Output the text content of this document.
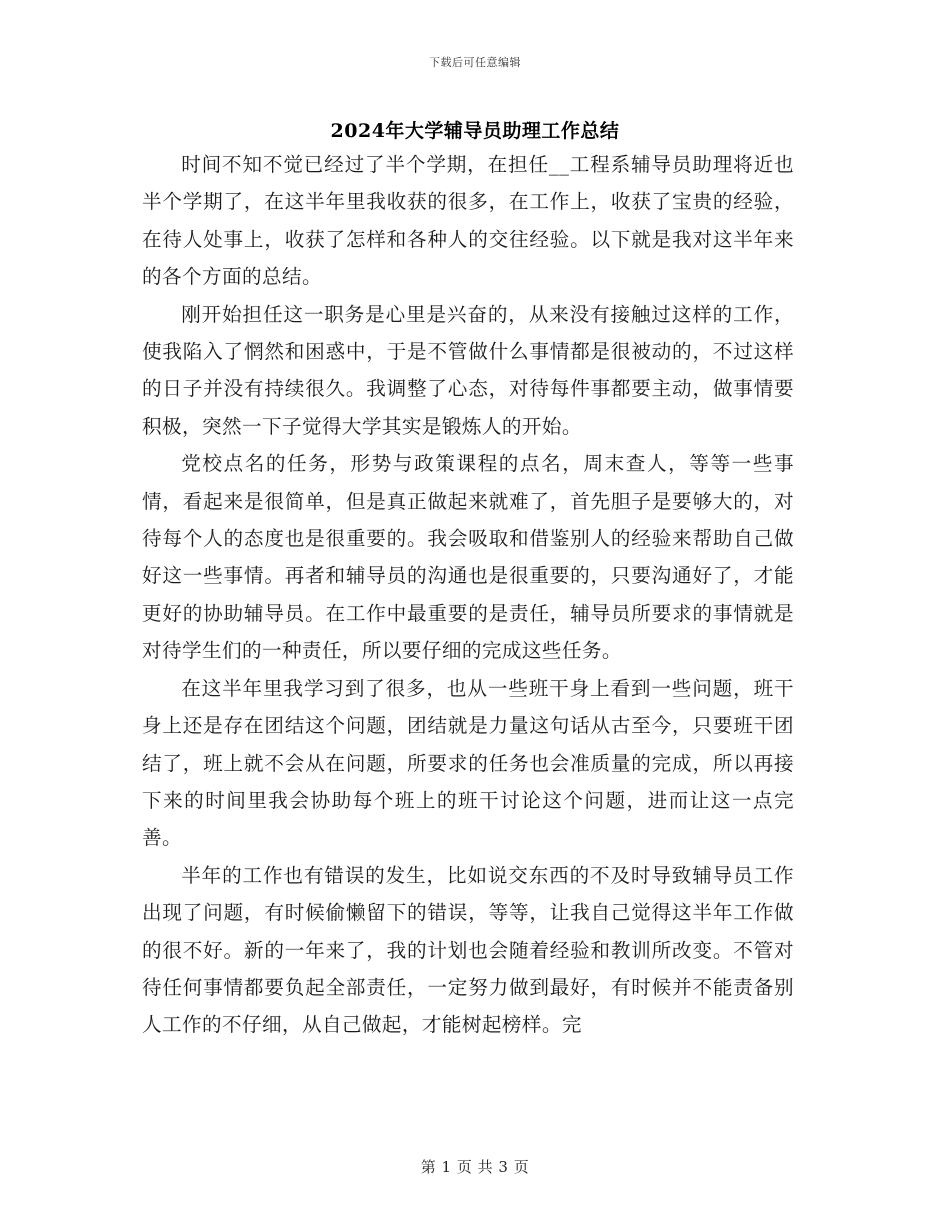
下载后可任意编辑
2024年大学辅导员助理工作总结

时间不知不觉已经过了半个学期，在担任__工程系辅导员助理将近也半个学期了，在这半年里我收获的很多，在工作上，收获了宝贵的经验，在待人处事上，收获了怎样和各种人的交往经验。以下就是我对这半年来的各个方面的总结。

刚开始担任这一职务是心里是兴奋的，从来没有接触过这样的工作，使我陷入了惘然和困惑中，于是不管做什么事情都是很被动的，不过这样的日子并没有持续很久。我调整了心态，对待每件事都要主动，做事情要积极，突然一下子觉得大学其实是锻炼人的开始。

党校点名的任务，形势与政策课程的点名，周末查人，等等一些事情，看起来是很简单，但是真正做起来就难了，首先胆子是要够大的，对待每个人的态度也是很重要的。我会吸取和借鉴别人的经验来帮助自己做好这一些事情。再者和辅导员的沟通也是很重要的，只要沟通好了，才能更好的协助辅导员。在工作中最重要的是责任，辅导员所要求的事情就是对待学生们的一种责任，所以要仔细的完成这些任务。

在这半年里我学习到了很多，也从一些班干身上看到一些问题，班干身上还是存在团结这个问题，团结就是力量这句话从古至今，只要班干团结了，班上就不会从在问题，所要求的任务也会准质量的完成，所以再接下来的时间里我会协助每个班上的班干讨论这个问题，进而让这一点完善。

半年的工作也有错误的发生，比如说交东西的不及时导致辅导员工作出现了问题，有时候偷懒留下的错误，等等，让我自己觉得这半年工作做的很不好。新的一年来了，我的计划也会随着经验和教训所改变。不管对待任何事情都要负起全部责任，一定努力做到最好，有时候并不能责备别人工作的不仔细，从自己做起，才能树起榜样。完

第 1 页 共 3 页
